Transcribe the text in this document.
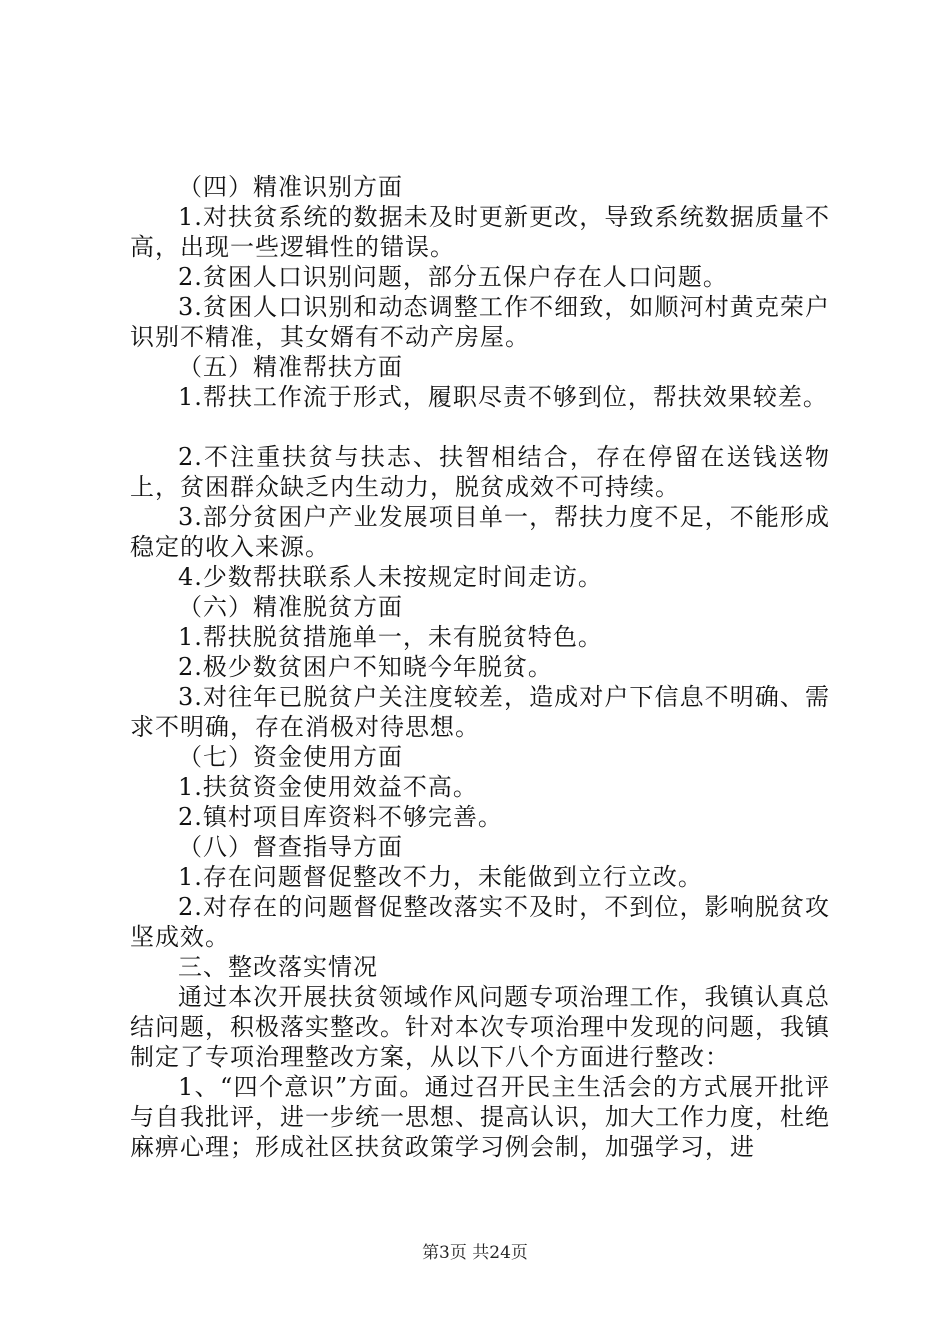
（四）精准识别方面

1.对扶贫系统的数据未及时更新更改，导致系统数据质量不高，出现一些逻辑性的错误。

2.贫困人口识别问题，部分五保户存在人口问题。

3.贫困人口识别和动态调整工作不细致，如顺河村黄克荣户识别不精准，其女婿有不动产房屋。

（五）精准帮扶方面

1.帮扶工作流于形式，履职尽责不够到位，帮扶效果较差。

2.不注重扶贫与扶志、扶智相结合，存在停留在送钱送物上，贫困群众缺乏内生动力，脱贫成效不可持续。

3.部分贫困户产业发展项目单一，帮扶力度不足，不能形成稳定的收入来源。

4.少数帮扶联系人未按规定时间走访。

（六）精准脱贫方面

1.帮扶脱贫措施单一，未有脱贫特色。

2.极少数贫困户不知晓今年脱贫。

3.对往年已脱贫户关注度较差，造成对户下信息不明确、需求不明确，存在消极对待思想。

（七）资金使用方面

1.扶贫资金使用效益不高。

2.镇村项目库资料不够完善。

（八）督查指导方面

1.存在问题督促整改不力，未能做到立行立改。

2.对存在的问题督促整改落实不及时，不到位，影响脱贫攻坚成效。

三、整改落实情况

通过本次开展扶贫领域作风问题专项治理工作，我镇认真总结问题，积极落实整改。针对本次专项治理中发现的问题，我镇制定了专项治理整改方案，从以下八个方面进行整改：

1、“四个意识”方面。通过召开民主生活会的方式展开批评与自我批评，进一步统一思想、提高认识，加大工作力度，杜绝麻痹心理；形成社区扶贫政策学习例会制，加强学习，进

第3页 共24页
